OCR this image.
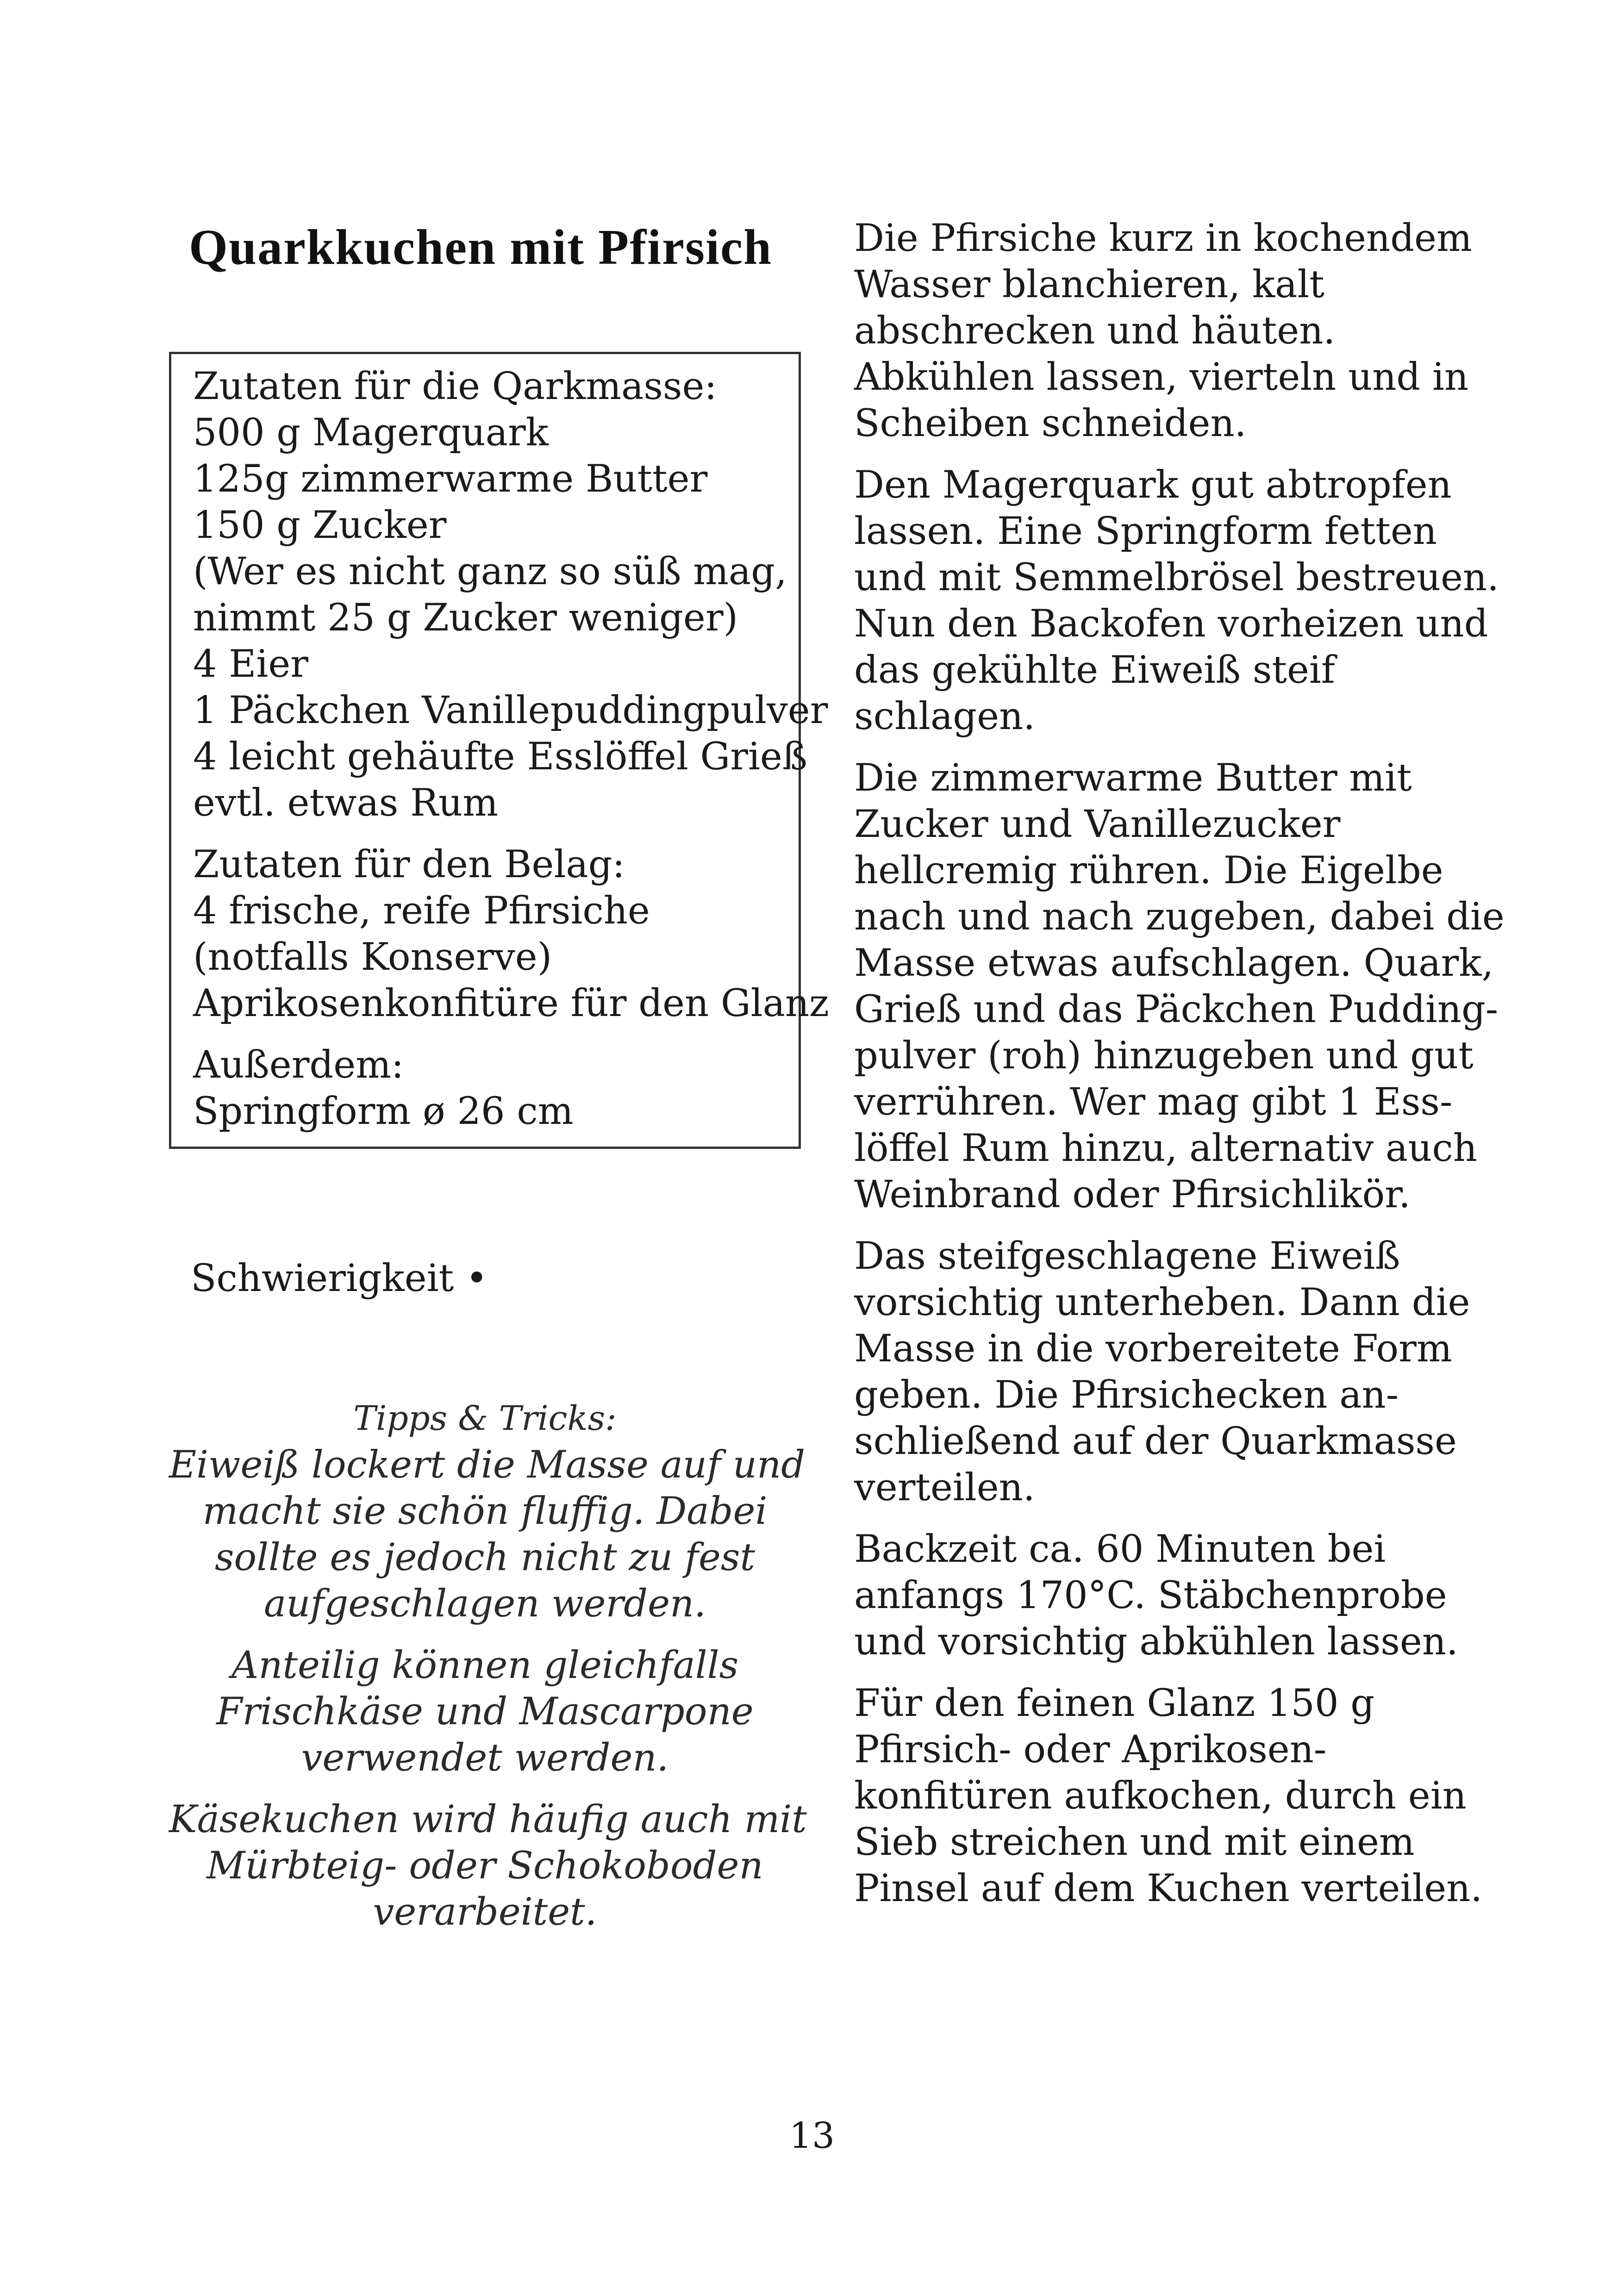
Quarkkuchen mit Pfirsich
Zutaten für die Qarkmasse:
500 g Magerquark
125g zimmerwarme Butter
150 g Zucker
(Wer es nicht ganz so süß mag,
nimmt 25 g Zucker weniger)
4 Eier
1 Päckchen Vanillepuddingpulver
4 leicht gehäufte Esslöffel Grieß
evtl. etwas Rum
Zutaten für den Belag:
4 frische, reife Pfirsiche
(notfalls Konserve)
Aprikosenkonfitüre für den Glanz
Außerdem:
Springform ø 26 cm
Schwierigkeit •
Tipps & Tricks:
Eiweiß lockert die Masse auf und
macht sie schön fluffig. Dabei
sollte es jedoch nicht zu fest
aufgeschlagen werden.
Anteilig können gleichfalls
Frischkäse und Mascarpone
verwendet werden.
Käsekuchen wird häufig auch mit
Mürbteig- oder Schokoboden
verarbeitet.
Die Pfirsiche kurz in kochendem
Wasser blanchieren, kalt
abschrecken und häuten.
Abkühlen lassen, vierteln und in
Scheiben schneiden.
Den Magerquark gut abtropfen
lassen. Eine Springform fetten
und mit Semmelbrösel bestreuen.
Nun den Backofen vorheizen und
das gekühlte Eiweiß steif
schlagen.
Die zimmerwarme Butter mit
Zucker und Vanillezucker
hellcremig rühren. Die Eigelbe
nach und nach zugeben, dabei die
Masse etwas aufschlagen. Quark,
Grieß und das Päckchen Pudding-
pulver (roh) hinzugeben und gut
verrühren. Wer mag gibt 1 Ess-
löffel Rum hinzu, alternativ auch
Weinbrand oder Pfirsichlikör.
Das steifgeschlagene Eiweiß
vorsichtig unterheben. Dann die
Masse in die vorbereitete Form
geben. Die Pfirsichecken an-
schließend auf der Quarkmasse
verteilen.
Backzeit ca. 60 Minuten bei
anfangs 170°C. Stäbchenprobe
und vorsichtig abkühlen lassen.
Für den feinen Glanz 150 g
Pfirsich- oder Aprikosen-
konfitüren aufkochen, durch ein
Sieb streichen und mit einem
Pinsel auf dem Kuchen verteilen.
13
